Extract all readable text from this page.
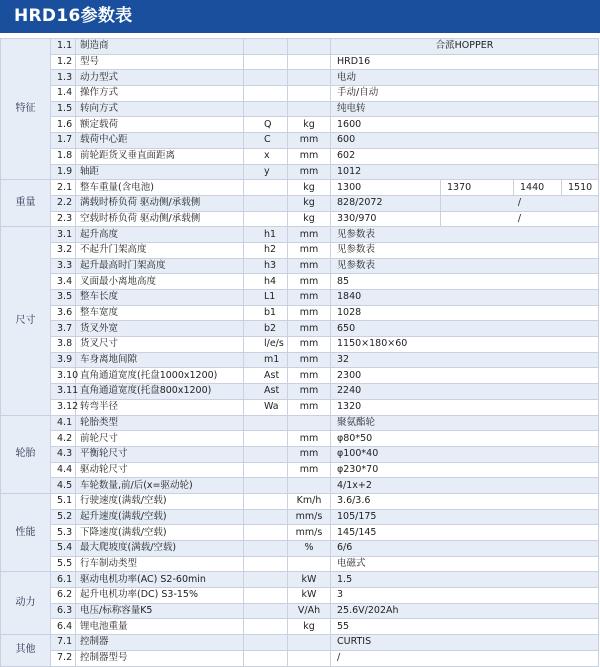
HRD16参数表
特征	1.1	制造商			合派HOPPER			
	1.2	型号			HRD16			
	1.3	动力型式			电动			
	1.4	操作方式			手动/自动			
	1.5	转向方式			纯电转			
	1.6	额定载荷	Q	kg	1600			
	1.7	载荷中心距	C	mm	600			
	1.8	前轮距货叉垂直面距离	x	mm	602			
	1.9	轴距	y	mm	1012			
重量	2.1	整车重量(含电池)		kg	1300	1370	1440	1510
	2.2	满载时桥负荷 驱动侧/承载侧		kg	828/2072	/		
	2.3	空载时桥负荷 驱动侧/承载侧		kg	330/970	/		
尺寸	3.1	起升高度	h1	mm	见参数表			
	3.2	不起升门架高度	h2	mm	见参数表			
	3.3	起升最高时门架高度	h3	mm	见参数表			
	3.4	叉面最小离地高度	h4	mm	85			
	3.5	整车长度	L1	mm	1840			
	3.6	整车宽度	b1	mm	1028			
	3.7	货叉外宽	b2	mm	650			
	3.8	货叉尺寸	l/e/s	mm	1150×180×60			
	3.9	车身离地间隙	m1	mm	32			
	3.10	直角通道宽度(托盘1000x1200)	Ast	mm	2300			
	3.11	直角通道宽度(托盘800x1200)	Ast	mm	2240			
	3.12	转弯半径	Wa	mm	1320			
轮胎	4.1	轮胎类型			聚氨酯轮			
	4.2	前轮尺寸		mm	φ80*50			
	4.3	平衡轮尺寸		mm	φ100*40			
	4.4	驱动轮尺寸		mm	φ230*70			
	4.5	车轮数量,前/后(x=驱动轮)			4/1x+2			
性能	5.1	行驶速度(满载/空载)		Km/h	3.6/3.6			
	5.2	起升速度(满载/空载)		mm/s	105/175			
	5.3	下降速度(满载/空载)		mm/s	145/145			
	5.4	最大爬坡度(满载/空载)		%	6/6			
	5.5	行车制动类型			电磁式			
动力	6.1	驱动电机功率(AC) S2-60min		kW	1.5			
	6.2	起升电机功率(DC) S3-15%		kW	3			
	6.3	电压/标称容量K5		V/Ah	25.6V/202Ah			
	6.4	锂电池重量		kg	55			
其他	7.1	控制器			CURTIS			
	7.2	控制器型号			/			
